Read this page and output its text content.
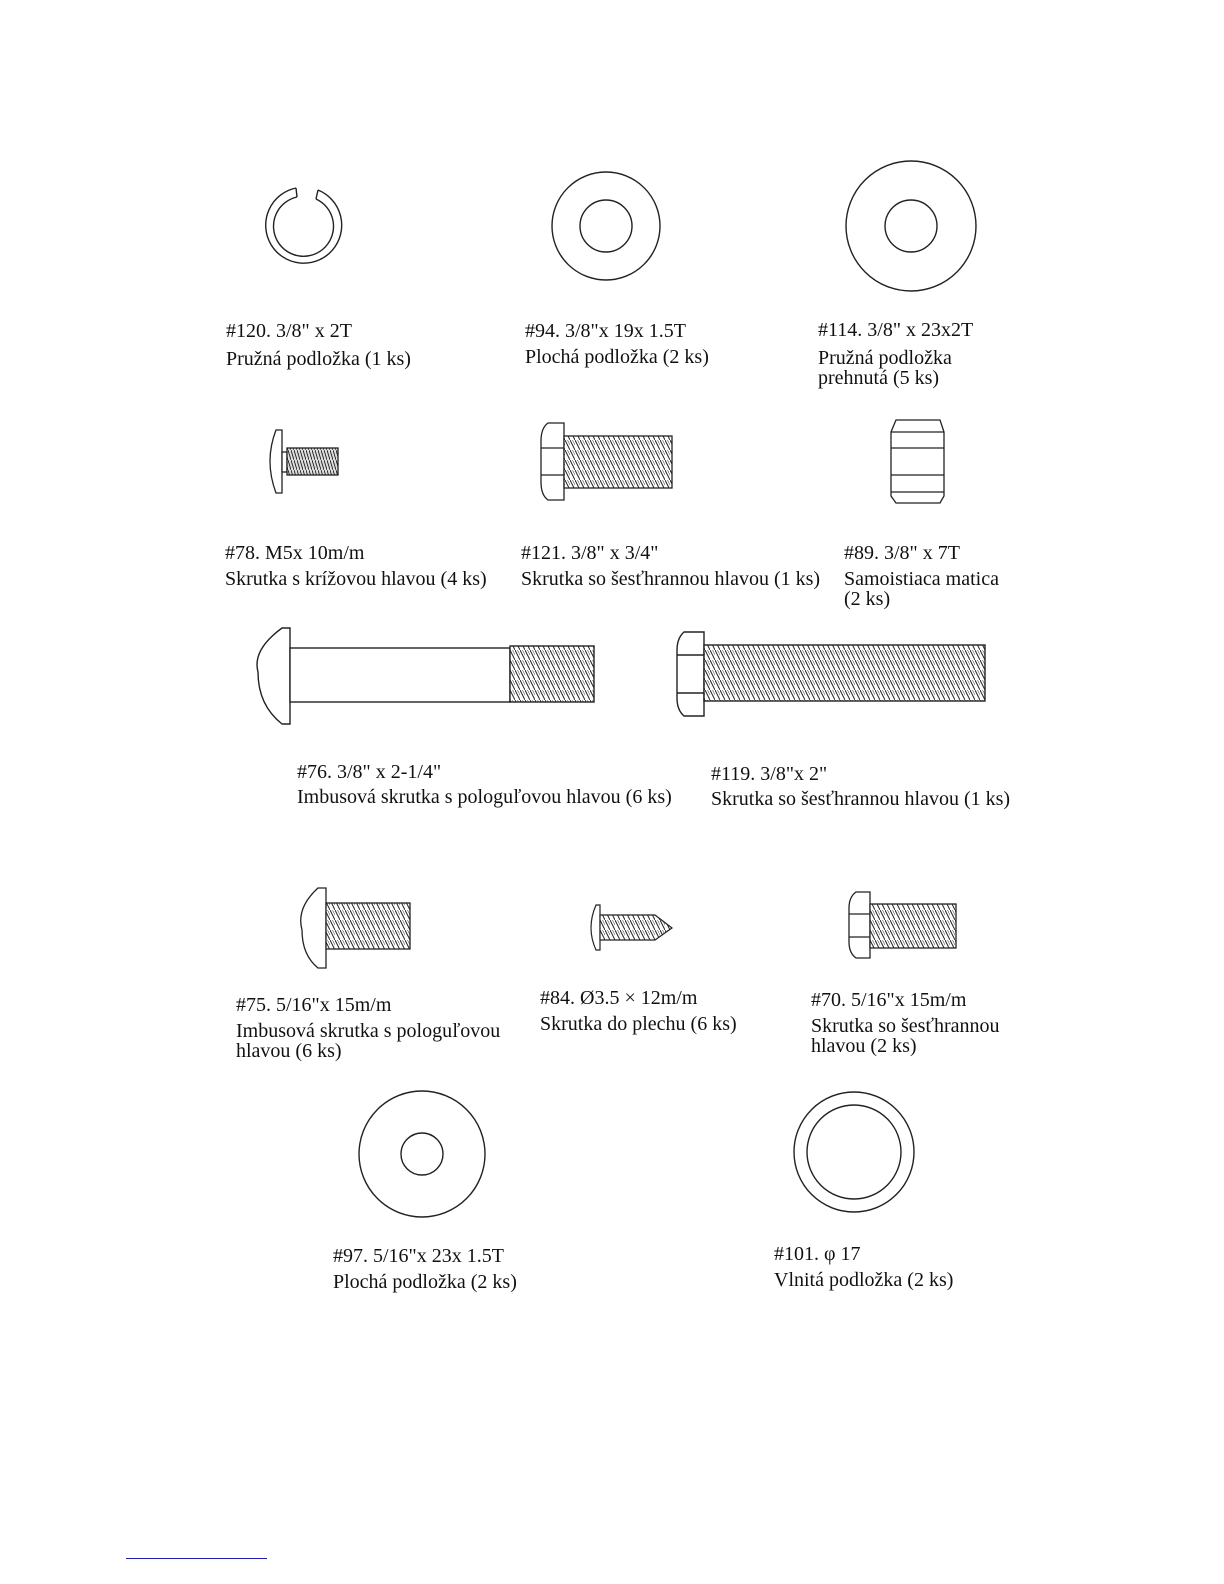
#120. 3/8" x 2T
Pružná podložka (1 ks)
#94. 3/8"x 19x 1.5T
Plochá podložka (2 ks)
#114. 3/8" x 23x2T
Pružná podložka
prehnutá (5 ks)
#78. M5x 10m/m
Skrutka s krížovou hlavou (4 ks)
#121. 3/8" x 3/4"
Skrutka so šesťhrannou hlavou (1 ks)
#89. 3/8" x 7T
Samoistiaca matica
(2 ks)
#76. 3/8" x 2-1/4"
Imbusová skrutka s pologuľovou hlavou (6 ks)
#119. 3/8"x 2"
Skrutka so šesťhrannou hlavou (1 ks)
#75. 5/16"x 15m/m
Imbusová skrutka s pologuľovou
hlavou (6 ks)
#84. Ø3.5 × 12m/m
Skrutka do plechu (6 ks)
#70. 5/16"x 15m/m
Skrutka so šesťhrannou
hlavou (2 ks)
#97. 5/16"x 23x 1.5T
Plochá podložka (2 ks)
#101. φ 17
Vlnitá podložka (2 ks)
